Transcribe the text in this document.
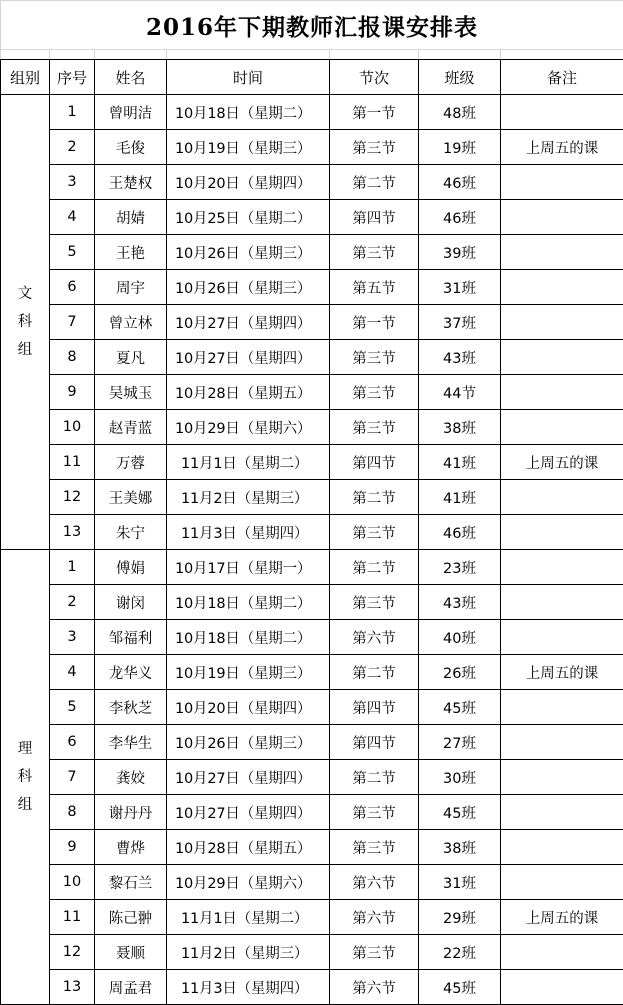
2016年下期教师汇报课安排表						

组别	序号	姓名	时间	节次	班级	备注

文
科
组	1	曾明洁	10月18日（星期二）	第一节	48班	
	2	毛俊	10月19日（星期三）	第三节	19班	上周五的课
	3	王楚权	10月20日（星期四）	第二节	46班	
	4	胡婧	10月25日（星期二）	第四节	46班	
	5	王艳	10月26日（星期三）	第三节	39班	
	6	周宇	10月26日（星期三）	第五节	31班	
	7	曾立林	10月27日（星期四）	第一节	37班	
	8	夏凡	10月27日（星期四）	第三节	43班	
	9	吴城玉	10月28日（星期五）	第三节	44节	
	10	赵青蓝	10月29日（星期六）	第三节	38班	
	11	万蓉	11月1日（星期二）	第四节	41班	上周五的课
	12	王美娜	11月2日（星期三）	第二节	41班	
	13	朱宁	11月3日（星期四）	第三节	46班	

理
科
组	1	傅娟	10月17日（星期一）	第二节	23班	
	2	谢闵	10月18日（星期二）	第三节	43班	
	3	邹福利	10月18日（星期二）	第六节	40班	
	4	龙华义	10月19日（星期三）	第二节	26班	上周五的课
	5	李秋芝	10月20日（星期四）	第四节	45班	
	6	李华生	10月26日（星期三）	第四节	27班	
	7	龚姣	10月27日（星期四）	第二节	30班	
	8	谢丹丹	10月27日（星期四）	第三节	45班	
	9	曹烨	10月28日（星期五）	第三节	38班	
	10	黎石兰	10月29日（星期六）	第六节	31班	
	11	陈己翀	11月1日（星期二）	第六节	29班	上周五的课
	12	聂顺	11月2日（星期三）	第三节	22班	
	13	周孟君	11月3日（星期四）	第六节	45班	
